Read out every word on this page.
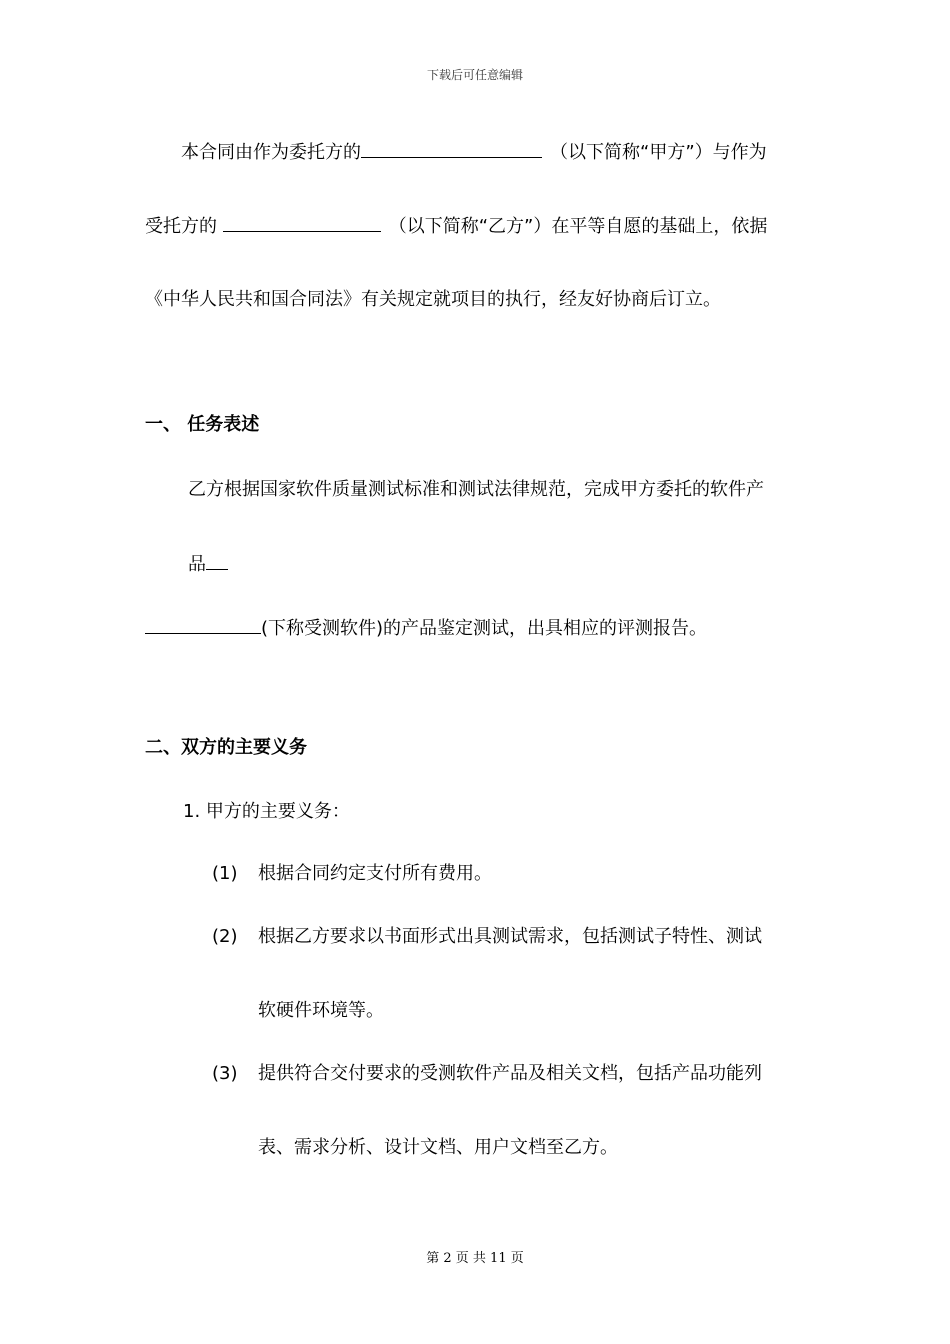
下载后可任意编辑
本合同由作为委托方的	（以下简称“甲方”）与作为
受托方的	（以下简称“乙方”）在平等自愿的基础上，依据
《中华人民共和国合同法》有关规定就项目的执行，经友好协商后订立。
一、 任务表述
乙方根据国家软件质量测试标准和测试法律规范，完成甲方委托的软件产
品
(下称受测软件)的产品鉴定测试，出具相应的评测报告。
二、双方的主要义务
1. 甲方的主要义务：
(1) 根据合同约定支付所有费用。
(2) 根据乙方要求以书面形式出具测试需求，包括测试子特性、测试
软硬件环境等。
(3) 提供符合交付要求的受测软件产品及相关文档，包括产品功能列
表、需求分析、设计文档、用户文档至乙方。
第 2 页 共 11 页
